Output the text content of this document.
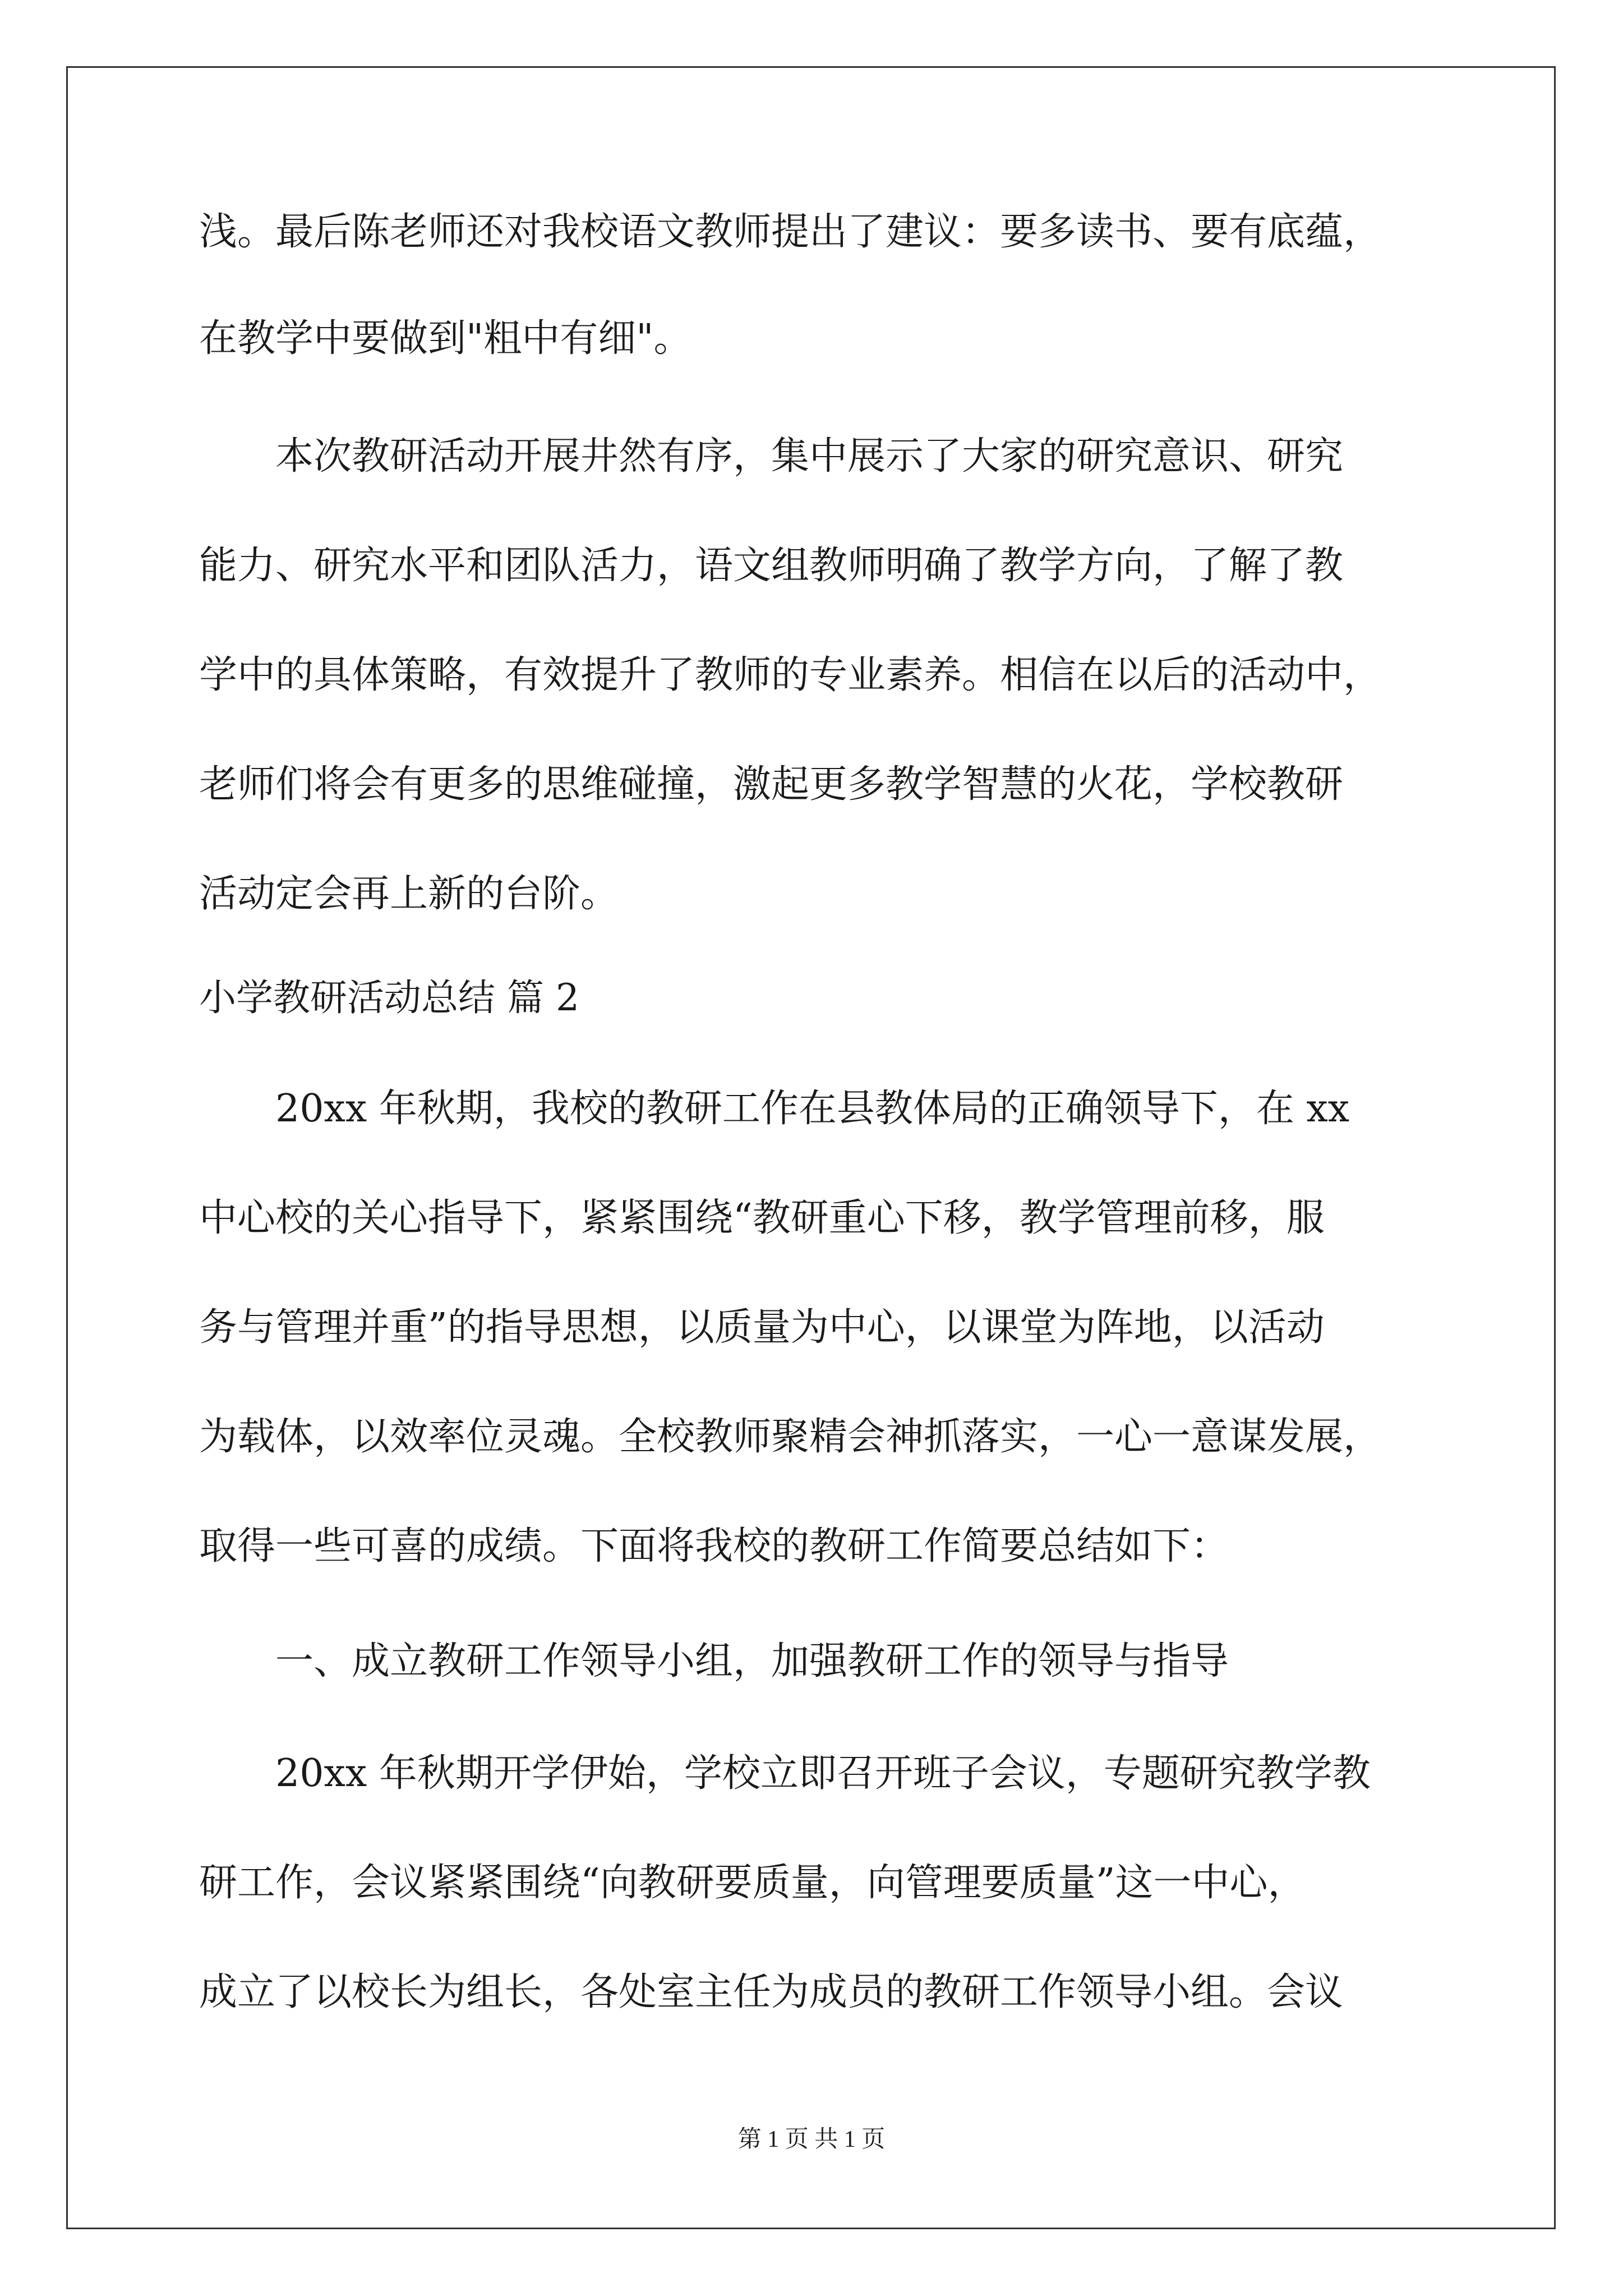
浅。最后陈老师还对我校语文教师提出了建议：要多读书、要有底蕴，

在教学中要做到"粗中有细"。

本次教研活动开展井然有序，集中展示了大家的研究意识、研究

能力、研究水平和团队活力，语文组教师明确了教学方向，了解了教

学中的具体策略，有效提升了教师的专业素养。相信在以后的活动中，

老师们将会有更多的思维碰撞，激起更多教学智慧的火花，学校教研

活动定会再上新的台阶。

小学教研活动总结 篇 2

20xx 年秋期，我校的教研工作在县教体局的正确领导下，在 xx

中心校的关心指导下，紧紧围绕“教研重心下移，教学管理前移，服

务与管理并重”的指导思想，以质量为中心，以课堂为阵地，以活动

为载体，以效率位灵魂。全校教师聚精会神抓落实，一心一意谋发展，

取得一些可喜的成绩。下面将我校的教研工作简要总结如下：

一、成立教研工作领导小组，加强教研工作的领导与指导

20xx 年秋期开学伊始，学校立即召开班子会议，专题研究教学教

研工作，会议紧紧围绕“向教研要质量，向管理要质量”这一中心，

成立了以校长为组长，各处室主任为成员的教研工作领导小组。会议

第 1 页 共 1 页
